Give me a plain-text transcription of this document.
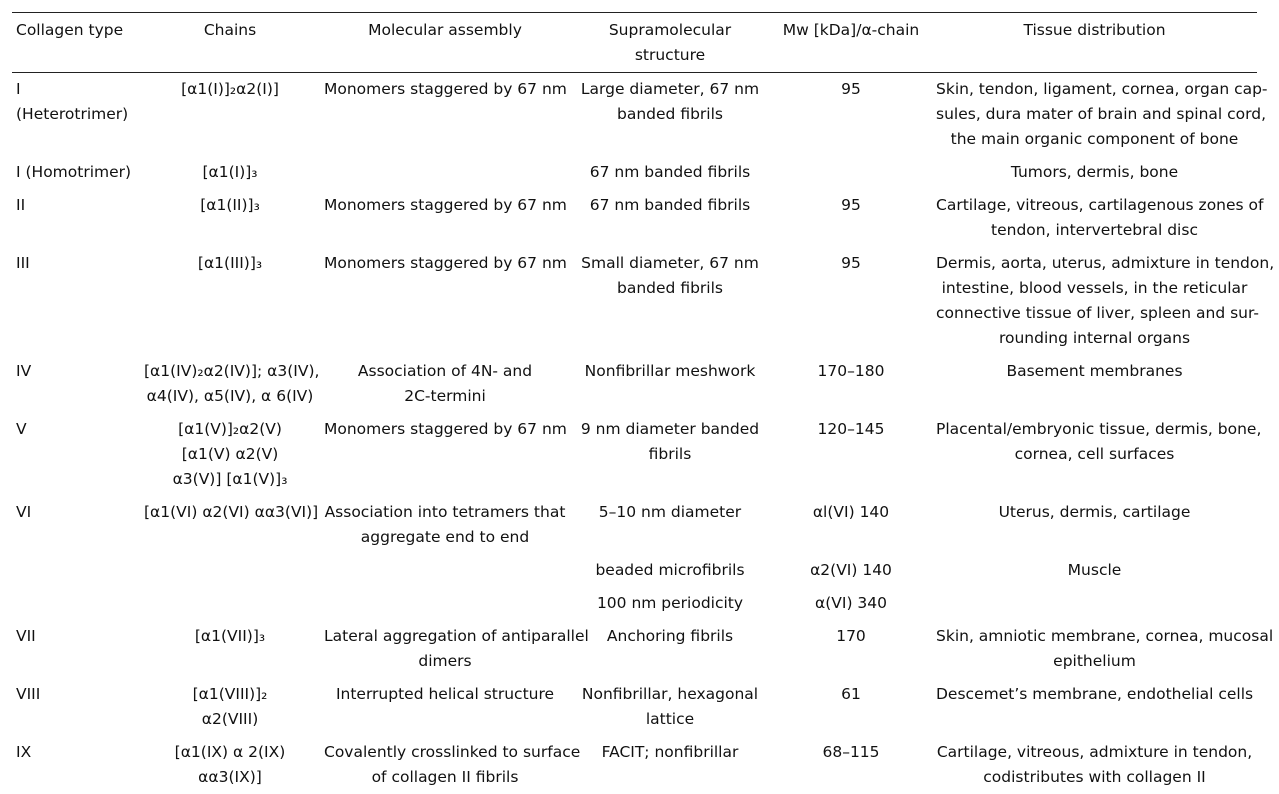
Collagen type	Chains	Molecular assembly	Supramolecular structure	Mw [kDa]/α-chain	Tissue distribution
I (Heterotrimer)	[α1(I)]₂α2(I)]	Monomers staggered by 67 nm	Large diameter, 67 nm
banded fibrils	95	Skin, tendon, ligament, cornea, organ cap-
sules, dura mater of brain and spinal cord,
the main organic component of bone

I (Homotrimer)	[α1(I)]₃		67 nm banded fibrils		Tumors, dermis, bone

II	[α1(II)]₃	Monomers staggered by 67 nm	67 nm banded fibrils	95	Cartilage, vitreous, cartilagenous zones of
tendon, intervertebral disc

III	[α1(III)]₃	Monomers staggered by 67 nm	Small diameter, 67 nm
banded fibrils	95	Dermis, aorta, uterus, admixture in tendon,
intestine, blood vessels, in the reticular
connective tissue of liver, spleen and sur-
rounding internal organs

IV	[α1(IV)₂α2(IV)]; α3(IV),
α4(IV), α5(IV), α 6(IV)	Association of 4N- and
2C-termini	Nonfibrillar meshwork	170–180	Basement membranes

V	[α1(V)]₂α2(V)
[α1(V) α2(V)
α3(V)] [α1(V)]₃	Monomers staggered by 67 nm	9 nm diameter banded
fibrils	120–145	Placental/embryonic tissue, dermis, bone,
cornea, cell surfaces

VI	[α1(VI) α2(VI) αα3(VI)]	Association into tetramers that
aggregate end to end	5–10 nm diameter	αl(VI) 140	Uterus, dermis, cartilage

			beaded microfibrils	α2(VI) 140	Muscle

			100 nm periodicity	α(VI) 340	

VII	[α1(VII)]₃	Lateral aggregation of antiparallel
dimers	Anchoring fibrils	170	Skin, amniotic membrane, cornea, mucosal
epithelium

VIII	[α1(VIII)]₂
α2(VIII)	Interrupted helical structure	Nonfibrillar, hexagonal
lattice	61	Descemet’s membrane, endothelial cells

IX	[α1(IX) α 2(IX)
αα3(IX)]	Covalently crosslinked to surface
of collagen II fibrils	FACIT; nonfibrillar	68–115	Cartilage, vitreous, admixture in tendon,
codistributes with collagen II
